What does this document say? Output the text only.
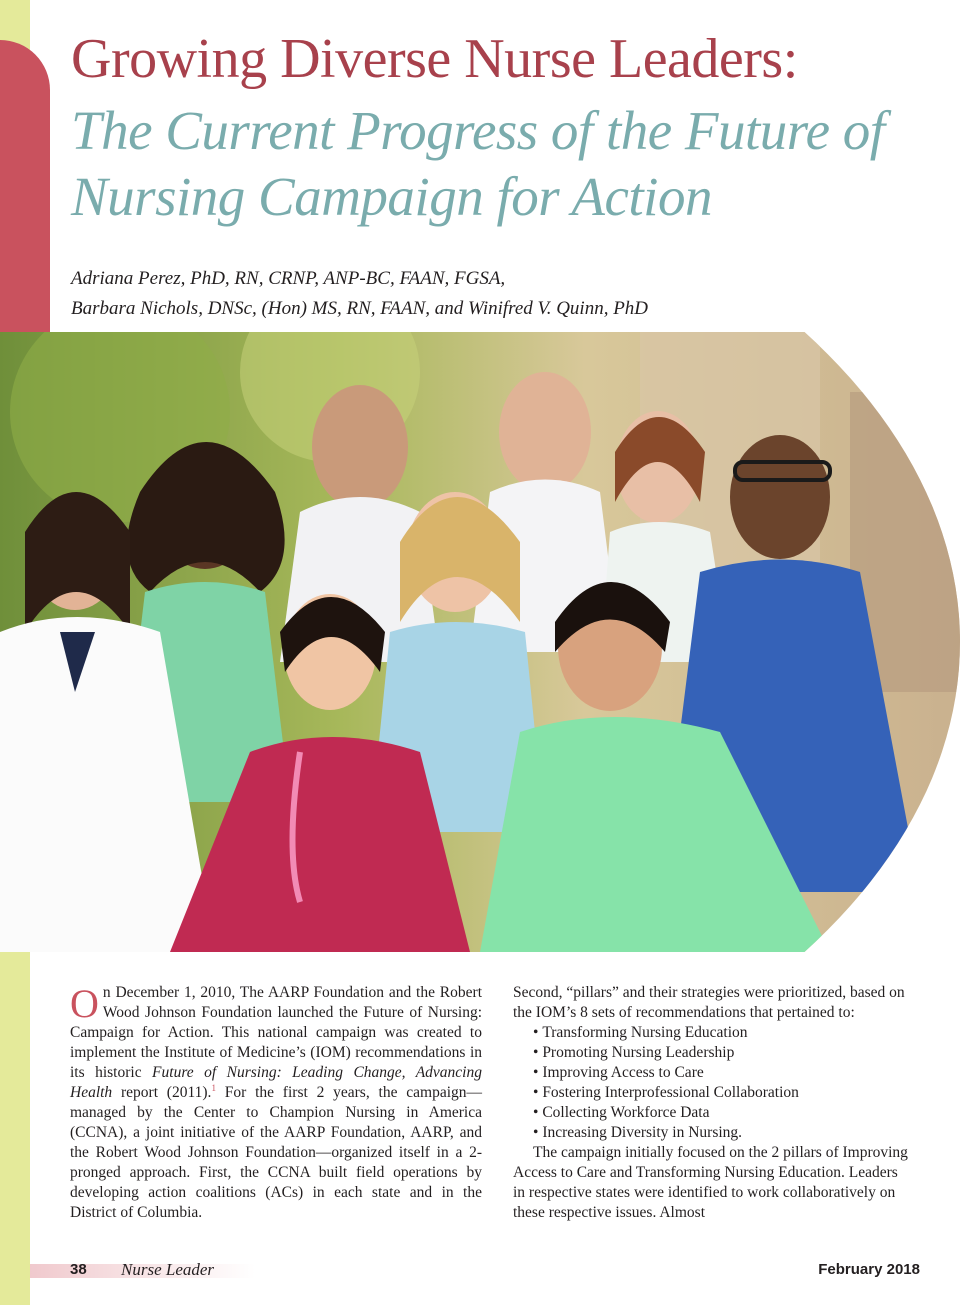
Growing Diverse Nurse Leaders:
The Current Progress of the Future of Nursing Campaign for Action
Adriana Perez, PhD, RN, CRNP, ANP-BC, FAAN, FGSA,
Barbara Nichols, DNSc, (Hon) MS, RN, FAAN, and Winifred V. Quinn, PhD

On December 1, 2010, The AARP Foundation and the Robert Wood Johnson Foundation launched the Future of Nursing: Campaign for Action. This national campaign was created to implement the Institute of Medicine’s (IOM) recommendations in its historic Future of Nursing: Leading Change, Advancing Health report (2011).$^1$ For the first 2 years, the campaign—managed by the Center to Champion Nursing in America (CCNA), a joint initiative of the AARP Foundation, AARP, and the Robert Wood Johnson Foundation—organized itself in a 2-pronged approach. First, the CCNA built field operations by developing action coalitions (ACs) in each state and in the District of Columbia.

Second, “pillars” and their strategies were prioritized, based on the IOM’s 8 sets of recommendations that pertained to:

• Transforming Nursing Education
• Promoting Nursing Leadership
• Improving Access to Care
• Fostering Interprofessional Collaboration
• Collecting Workforce Data
• Increasing Diversity in Nursing.

The campaign initially focused on the 2 pillars of Improving Access to Care and Transforming Nursing Education. Leaders in respective states were identified to work collaboratively on these respective issues. Almost

38 Nurse Leader	February 2018
